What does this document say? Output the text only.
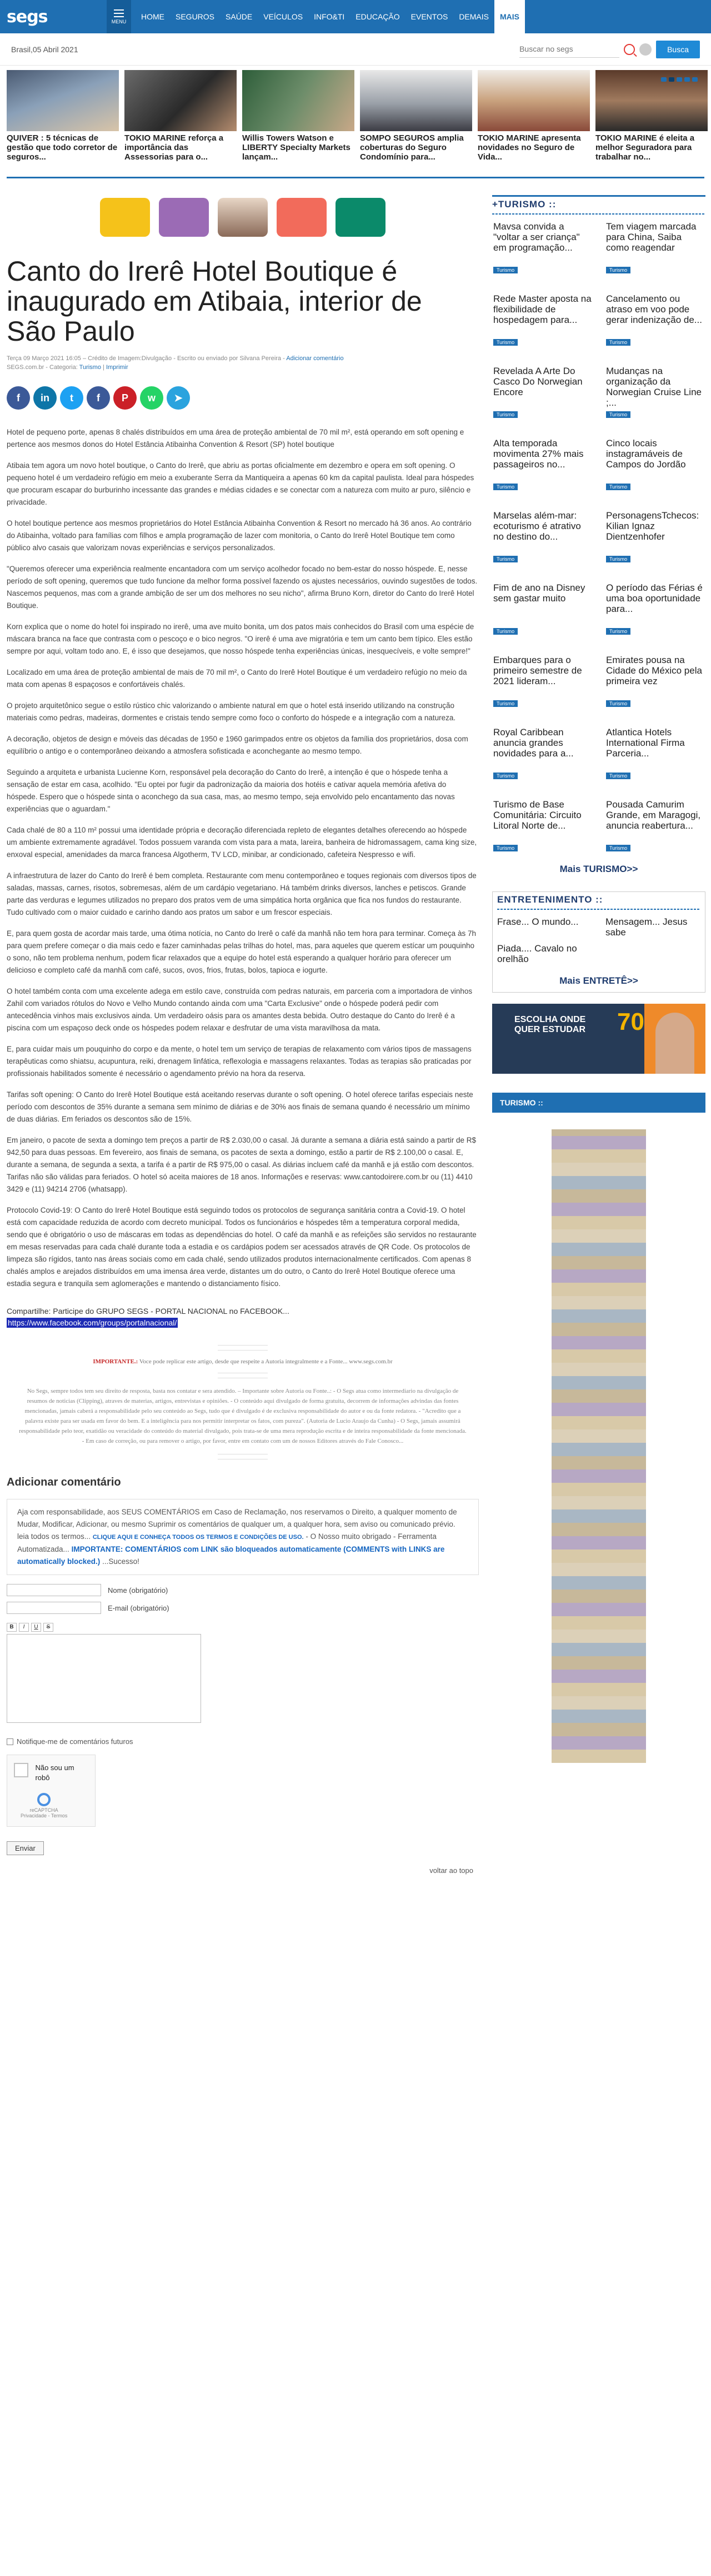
segs	MENU
HOME	SEGUROS	SAÚDE	VEÍCULOS	INFO&TI	EDUCAÇÃO	EVENTOS	DEMAIS	MAIS
Brasil,05 Abril 2021
Buscar no segs	Busca
QUIVER : 5 técnicas de gestão que todo corretor de seguros...
TOKIO MARINE reforça a importância das Assessorias para o...
Willis Towers Watson e LIBERTY Specialty Markets lançam...
SOMPO SEGUROS amplia coberturas do Seguro Condomínio para...
TOKIO MARINE apresenta novidades no Seguro de Vida...
TOKIO MARINE é eleita a melhor Seguradora para trabalhar no...
Canto do Irerê Hotel Boutique é inaugurado em Atibaia, interior de São Paulo
Terça 09 Março 2021 16:05 – Crédito de Imagem:Divulgação - Escrito ou enviado por Silvana Pereira - Adicionar comentário
SEGS.com.br - Categoria: Turismo | Imprimir
f	in	t	f	P	w	➤

Hotel de pequeno porte, apenas 8 chalés distribuídos em uma área de proteção ambiental de 70 mil m², está operando em soft opening e pertence aos mesmos donos do Hotel Estância Atibainha Convention & Resort (SP) hotel boutique

Atibaia tem agora um novo hotel boutique, o Canto do Irerê, que abriu as portas oficialmente em dezembro e opera em soft opening. O pequeno hotel é um verdadeiro refúgio em meio a exuberante Serra da Mantiqueira a apenas 60 km da capital paulista. Ideal para hóspedes que procuram escapar do burburinho incessante das grandes e médias cidades e se conectar com a natureza com muito ar puro, silêncio e privacidade.

O hotel boutique pertence aos mesmos proprietários do Hotel Estância Atibainha Convention & Resort no mercado há 36 anos. Ao contrário do Atibainha, voltado para famílias com filhos e ampla programação de lazer com monitoria, o Canto do Irerê Hotel Boutique tem como público alvo casais que valorizam novas experiências e serviços personalizados.

"Queremos oferecer uma experiência realmente encantadora com um serviço acolhedor focado no bem-estar do nosso hóspede. E, nesse período de soft opening, queremos que tudo funcione da melhor forma possível fazendo os ajustes necessários, ouvindo sugestões de todos. Nascemos pequenos, mas com a grande ambição de ser um dos melhores no seu nicho", afirma Bruno Korn, diretor do Canto do Irerê Hotel Boutique.

Korn explica que o nome do hotel foi inspirado no irerê, uma ave muito bonita, um dos patos mais conhecidos do Brasil com uma espécie de máscara branca na face que contrasta com o pescoço e o bico negros. "O irerê é uma ave migratória e tem um canto bem típico. Eles estão sempre por aqui, voltam todo ano. E, é isso que desejamos, que nosso hóspede tenha experiências únicas, inesquecíveis, e volte sempre!"

Localizado em uma área de proteção ambiental de mais de 70 mil m², o Canto do Irerê Hotel Boutique é um verdadeiro refúgio no meio da mata com apenas 8 espaçosos e confortáveis chalés.

O projeto arquitetônico segue o estilo rústico chic valorizando o ambiente natural em que o hotel está inserido utilizando na construção materiais como pedras, madeiras, dormentes e cristais tendo sempre como foco o conforto do hóspede e a integração com a natureza.

A decoração, objetos de design e móveis das décadas de 1950 e 1960 garimpados entre os objetos da família dos proprietários, dosa com equilíbrio o antigo e o contemporâneo deixando a atmosfera sofisticada e aconchegante ao mesmo tempo.

Seguindo a arquiteta e urbanista Lucienne Korn, responsável pela decoração do Canto do Irerê, a intenção é que o hóspede tenha a sensação de estar em casa, acolhido. "Eu optei por fugir da padronização da maioria dos hotéis e cativar aquela memória afetiva do hóspede. Espero que o hóspede sinta o aconchego da sua casa, mas, ao mesmo tempo, seja envolvido pelo encantamento das novas experiências que o aguardam."

Cada chalé de 80 a 110 m² possui uma identidade própria e decoração diferenciada repleto de elegantes detalhes oferecendo ao hóspede um ambiente extremamente agradável. Todos possuem varanda com vista para a mata, lareira, banheira de hidromassagem, cama king size, enxoval especial, amenidades da marca francesa Algotherm, TV LCD, minibar, ar condicionado, cafeteira Nespresso e wifi.

A infraestrutura de lazer do Canto do Irerê é bem completa. Restaurante com menu contemporâneo e toques regionais com diversos tipos de saladas, massas, carnes, risotos, sobremesas, além de um cardápio vegetariano. Há também drinks diversos, lanches e petiscos. Grande parte das verduras e legumes utilizados no preparo dos pratos vem de uma simpática horta orgânica que fica nos fundos do restaurante. Tudo cultivado com o maior cuidado e carinho dando aos pratos um sabor e um frescor especiais.

E, para quem gosta de acordar mais tarde, uma ótima notícia, no Canto do Irerê o café da manhã não tem hora para terminar. Começa às 7h para quem prefere começar o dia mais cedo e fazer caminhadas pelas trilhas do hotel, mas, para aqueles que querem estícar um pouquinho o sono, não tem problema nenhum, podem ficar relaxados que a equipe do hotel está esperando a qualquer horário para oferecer um delicioso e completo café da manhã com café, sucos, ovos, frios, frutas, bolos, tapioca e iogurte.

O hotel também conta com uma excelente adega em estilo cave, construída com pedras naturais, em parceria com a importadora de vinhos Zahil com variados rótulos do Novo e Velho Mundo contando ainda com uma "Carta Exclusive" onde o hóspede poderá pedir com antecedência vinhos mais exclusivos ainda. Um verdadeiro oásis para os amantes desta bebida. Outro destaque do Canto do Irerê é a piscina com um espaçoso deck onde os hóspedes podem relaxar e desfrutar de uma vista maravilhosa da mata.

E, para cuidar mais um pouquinho do corpo e da mente, o hotel tem um serviço de terapias de relaxamento com vários tipos de massagens terapêuticas como shiatsu, acupuntura, reiki, drenagem linfática, reflexologia e massagens relaxantes. Todas as terapias são praticadas por profissionais habilitados somente é necessário o agendamento prévio na hora da reserva.

Tarifas soft opening: O Canto do Irerê Hotel Boutique está aceitando reservas durante o soft opening. O hotel oferece tarifas especiais neste período com descontos de 35% durante a semana sem mínimo de diárias e de 30% aos finais de semana quando é necessário um mínimo de duas diárias. Em feriados os descontos são de 15%.

Em janeiro, o pacote de sexta a domingo tem preços a partir de R$ 2.030,00 o casal. Já durante a semana a diária está saindo a partir de R$ 942,50 para duas pessoas. Em fevereiro, aos finais de semana, os pacotes de sexta a domingo, estão a partir de R$ 2.100,00 o casal. E, durante a semana, de segunda a sexta, a tarifa é a partir de R$ 975,00 o casal. As diárias incluem café da manhã e já estão com descontos. Tarifas não são válidas para feriados. O hotel só aceita maiores de 18 anos. Informações e reservas: www.cantodoirere.com.br ou (11) 4410 3429 e (11) 94214 2706 (whatsapp).

Protocolo Covid-19: O Canto do Irerê Hotel Boutique está seguindo todos os protocolos de segurança sanitária contra a Covid-19. O hotel está com capacidade reduzida de acordo com decreto municipal. Todos os funcionários e hóspedes têm a temperatura corporal medida, sendo que é obrigatório o uso de máscaras em todas as dependências do hotel. O café da manhã e as refeições são servidos no restaurante em mesas reservadas para cada chalé durante toda a estadia e os cardápios podem ser acessados através de QR Code. Os protocolos de limpeza são rígidos, tanto nas áreas sociais como em cada chalé, sendo utilizados produtos internacionalmente certificados. Com apenas 8 chalés amplos e arejados distribuídos em uma imensa área verde, distantes um do outro, o Canto do Irerê Hotel Boutique oferece uma estadia segura e tranquila sem aglomerações e mantendo o distanciamento físico.

Compartilhe: Participe do GRUPO SEGS - PORTAL NACIONAL no FACEBOOK...
https://www.facebook.com/groups/portalnacional/
IMPORTANTE.: Voce pode replicar este artigo, desde que respeite a Autoria integralmente e a Fonte... www.segs.com.br
No Segs, sempre todos tem seu direito de resposta, basta nos contatar e sera atendido. – Importante sobre Autoria ou Fonte..: - O Segs atua como intermediario na divulgação de resumos de noticias (Clipping), atraves de materias, artigos, entrevistas e opiniões. - O conteúdo aqui divulgado de forma gratuita, decorrem de informações advindas das fontes mencionadas, jamais caberá a responsabilidade pelo seu conteúdo ao Segs, tudo que é divulgado é de exclusiva responsabilidade do autor e ou da fonte redatora. - "Acredito que a palavra existe para ser usada em favor do bem. E a inteligência para nos permitir interpretar os fatos, com pureza". (Autoria de Lucio Araujo da Cunha) - O Segs, jamais assumirá responsabilidade pelo teor, exatidão ou veracidade do conteúdo do material divulgado, pois trata-se de uma mera reprodução escrita e de inteira responsabilidade da fonte mencionada. - Em caso de correção, ou para remover o artigo, por favor, entre em contato com um de nossos Editores através do Fale Conosco...
Adicionar comentário
Aja com responsabilidade, aos SEUS COMENTÁRIOS em Caso de Reclamação, nos reservamos o Direito, a qualquer momento de Mudar, Modificar, Adicionar, ou mesmo Suprimir os comentários de qualquer um, a qualquer hora, sem aviso ou comunicado prévio. leia todos os termos... CLIQUE AQUI E CONHEÇA TODOS OS TERMOS E CONDIÇÕES DE USO. - O Nosso muito obrigado - Ferramenta Automatizada... IMPORTANTE: COMENTÁRIOS com LINK são bloqueados automaticamente (COMMENTS with LINKS are automatically blocked.) ...Sucesso!
Nome (obrigatório)
E-mail (obrigatório)
B	I	U	S
Notifique-me de comentários futuros
Não sou um robô
reCAPTCHA
Privacidade - Termos
Enviar
voltar ao topo
+TURISMO ::
Mavsa convida a "voltar a ser criança" em programação...
Turismo
Tem viagem marcada para China, Saiba como reagendar
Turismo
Rede Master aposta na flexibilidade de hospedagem para...
Turismo
Cancelamento ou atraso em voo pode gerar indenização de...
Turismo
Revelada A Arte Do Casco Do Norwegian Encore
Turismo
Mudanças na organização da Norwegian Cruise Line ;...
Turismo
Alta temporada movimenta 27% mais passageiros no...
Turismo
Cinco locais instagramáveis de Campos do Jordão
Turismo
Marselas além-mar: ecoturismo é atrativo no destino do...
Turismo
PersonagensTchecos: Kilian Ignaz Dientzenhofer
Turismo
Fim de ano na Disney sem gastar muito
Turismo
O período das Férias é uma boa oportunidade para...
Turismo
Embarques para o primeiro semestre de 2021 lideram...
Turismo
Emirates pousa na Cidade do México pela primeira vez
Turismo
Royal Caribbean anuncia grandes novidades para a...
Turismo
Atlantica Hotels International Firma Parceria...
Turismo
Turismo de Base Comunitária: Circuito Litoral Norte de...
Turismo
Pousada Camurim Grande, em Maragogi, anuncia reabertura...
Turismo
Mais TURISMO>>
ENTRETENIMENTO ::
Frase... O mundo...	Mensagem... Jesus sabe
Piada.... Cavalo no orelhão
Mais ENTRETÊ>>
ESCOLHA ONDE QUER ESTUDAR	70
TURISMO ::
